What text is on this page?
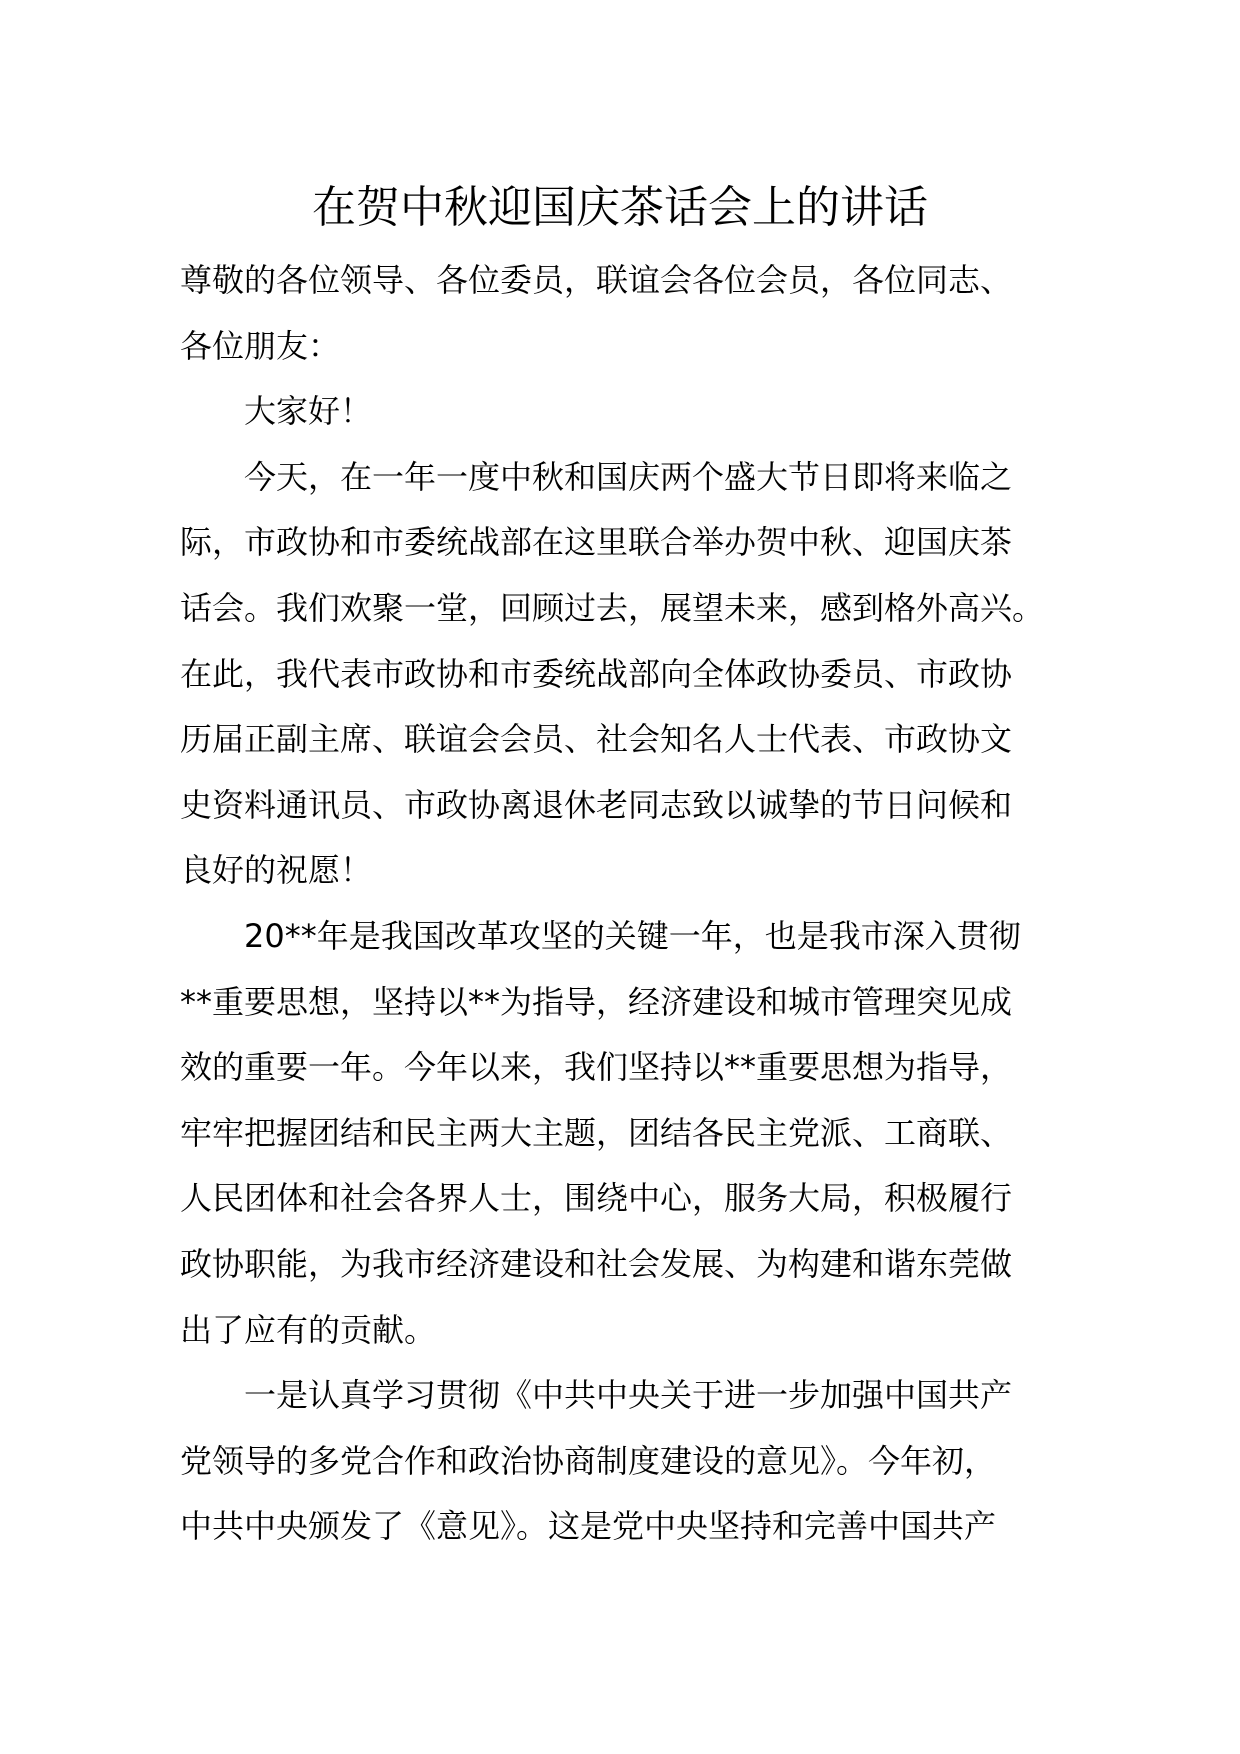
在贺中秋迎国庆茶话会上的讲话

尊敬的各位领导、各位委员，联谊会各位会员，各位同志、

各位朋友：

大家好！

今天，在一年一度中秋和国庆两个盛大节日即将来临之

际，市政协和市委统战部在这里联合举办贺中秋、迎国庆茶

话会。我们欢聚一堂，回顾过去，展望未来，感到格外高兴。

在此，我代表市政协和市委统战部向全体政协委员、市政协

历届正副主席、联谊会会员、社会知名人士代表、市政协文

史资料通讯员、市政协离退休老同志致以诚挚的节日问候和

良好的祝愿！

20**年是我国改革攻坚的关键一年，也是我市深入贯彻

**重要思想，坚持以**为指导，经济建设和城市管理突见成

效的重要一年。今年以来，我们坚持以**重要思想为指导，

牢牢把握团结和民主两大主题，团结各民主党派、工商联、

人民团体和社会各界人士，围绕中心，服务大局，积极履行

政协职能，为我市经济建设和社会发展、为构建和谐东莞做

出了应有的贡献。

一是认真学习贯彻《中共中央关于进一步加强中国共产

党领导的多党合作和政治协商制度建设的意见》。今年初，

中共中央颁发了《意见》。这是党中央坚持和完善中国共产
